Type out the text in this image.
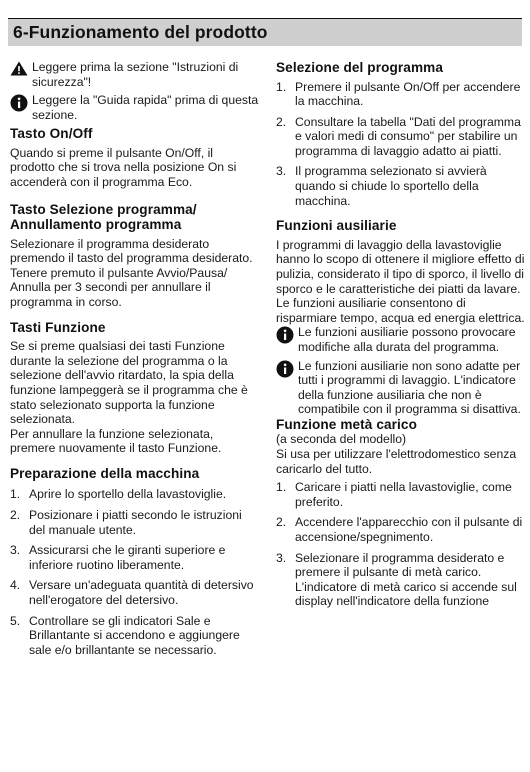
6-Funzionamento del prodotto
Leggere prima la sezione "Istruzioni di sicurezza"!
Leggere la "Guida rapida" prima di questa sezione.
Tasto On/Off

Quando si preme il pulsante On/Off, il prodotto che si trova nella posizione On si accenderà con il programma Eco.

Tasto Selezione programma/ Annullamento programma

Selezionare il programma desiderato premendo il tasto del programma desiderato.

Tenere premuto il pulsante Avvio/Pausa/ Annulla per 3 secondi per annullare il programma in corso.

Tasti Funzione

Se si preme qualsiasi dei tasti Funzione durante la selezione del programma o la selezione dell'avvio ritardato, la spia della funzione lampeggerà se il programma che è stato selezionato supporta la funzione selezionata.

Per annullare la funzione selezionata, premere nuovamente il tasto Funzione.

Preparazione della macchina
1. Aprire lo sportello della lavastoviglie.
2. Posizionare i piatti secondo le istruzioni del manuale utente.
3. Assicurarsi che le giranti superiore e inferiore ruotino liberamente.
4. Versare un'adeguata quantità di detersivo nell'erogatore del detersivo.
5. Controllare se gli indicatori Sale e Brillantante si accendono e aggiungere sale e/o brillantante se necessario.
Selezione del programma
1. Premere il pulsante On/Off per accendere la macchina.
2. Consultare la tabella "Dati del programma e valori medi di consumo" per stabilire un programma di lavaggio adatto ai piatti.
3. Il programma selezionato si avvierà quando si chiude lo sportello della macchina.
Funzioni ausiliarie

I programmi di lavaggio della lavastoviglie hanno lo scopo di ottenere il migliore effetto di pulizia, considerato il tipo di sporco, il livello di sporco e le caratteristiche dei piatti da lavare.

Le funzioni ausiliarie consentono di risparmiare tempo, acqua ed energia elettrica.

Le funzioni ausiliarie possono provocare modifiche alla durata del programma.
Le funzioni ausiliarie non sono adatte per tutti i programmi di lavaggio. L'indicatore della funzione ausiliaria che non è compatibile con il programma si disattiva.
Funzione metà carico

(a seconda del modello)

Si usa per utilizzare l'elettrodomestico senza caricarlo del tutto.

1. Caricare i piatti nella lavastoviglie, come preferito.
2. Accendere l'apparecchio con il pulsante di accensione/spegnimento.
3. Selezionare il programma desiderato e premere il pulsante di metà carico. L'indicatore di metà carico si accende sul display nell'indicatore della funzione
